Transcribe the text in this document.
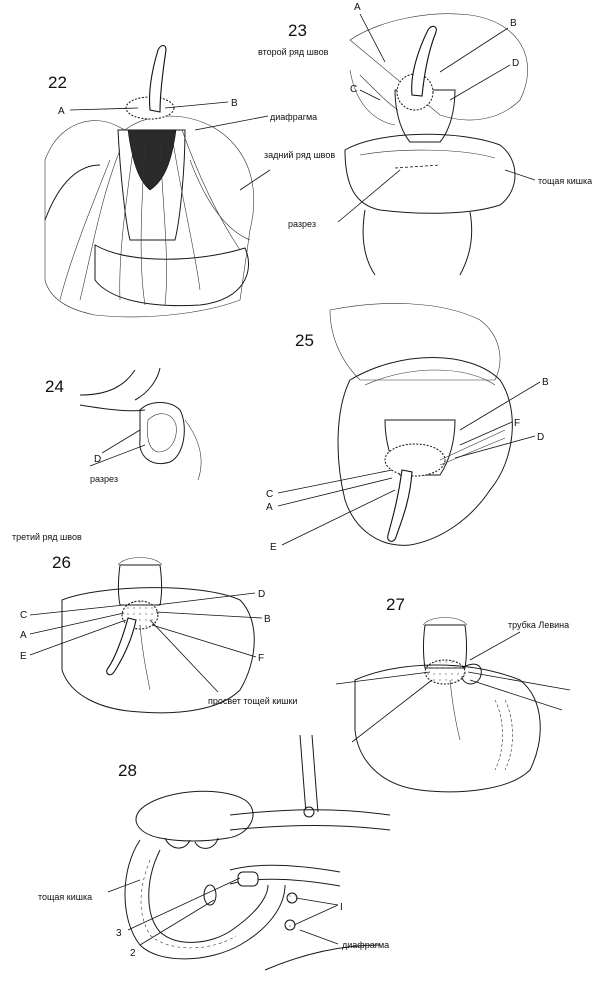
22
A
B
диафрагма
задний ряд швов
23
второй ряд швов
A
B
C
D
тощая кишка
разрез
24
D
разрез
25
B
F
D
C
A
E
третий ряд швов
26
C
A
E
D
B
F
просвет тощей кишки
27
трубка Левина
28
тощая кишка
3
2
I
диафрагма
